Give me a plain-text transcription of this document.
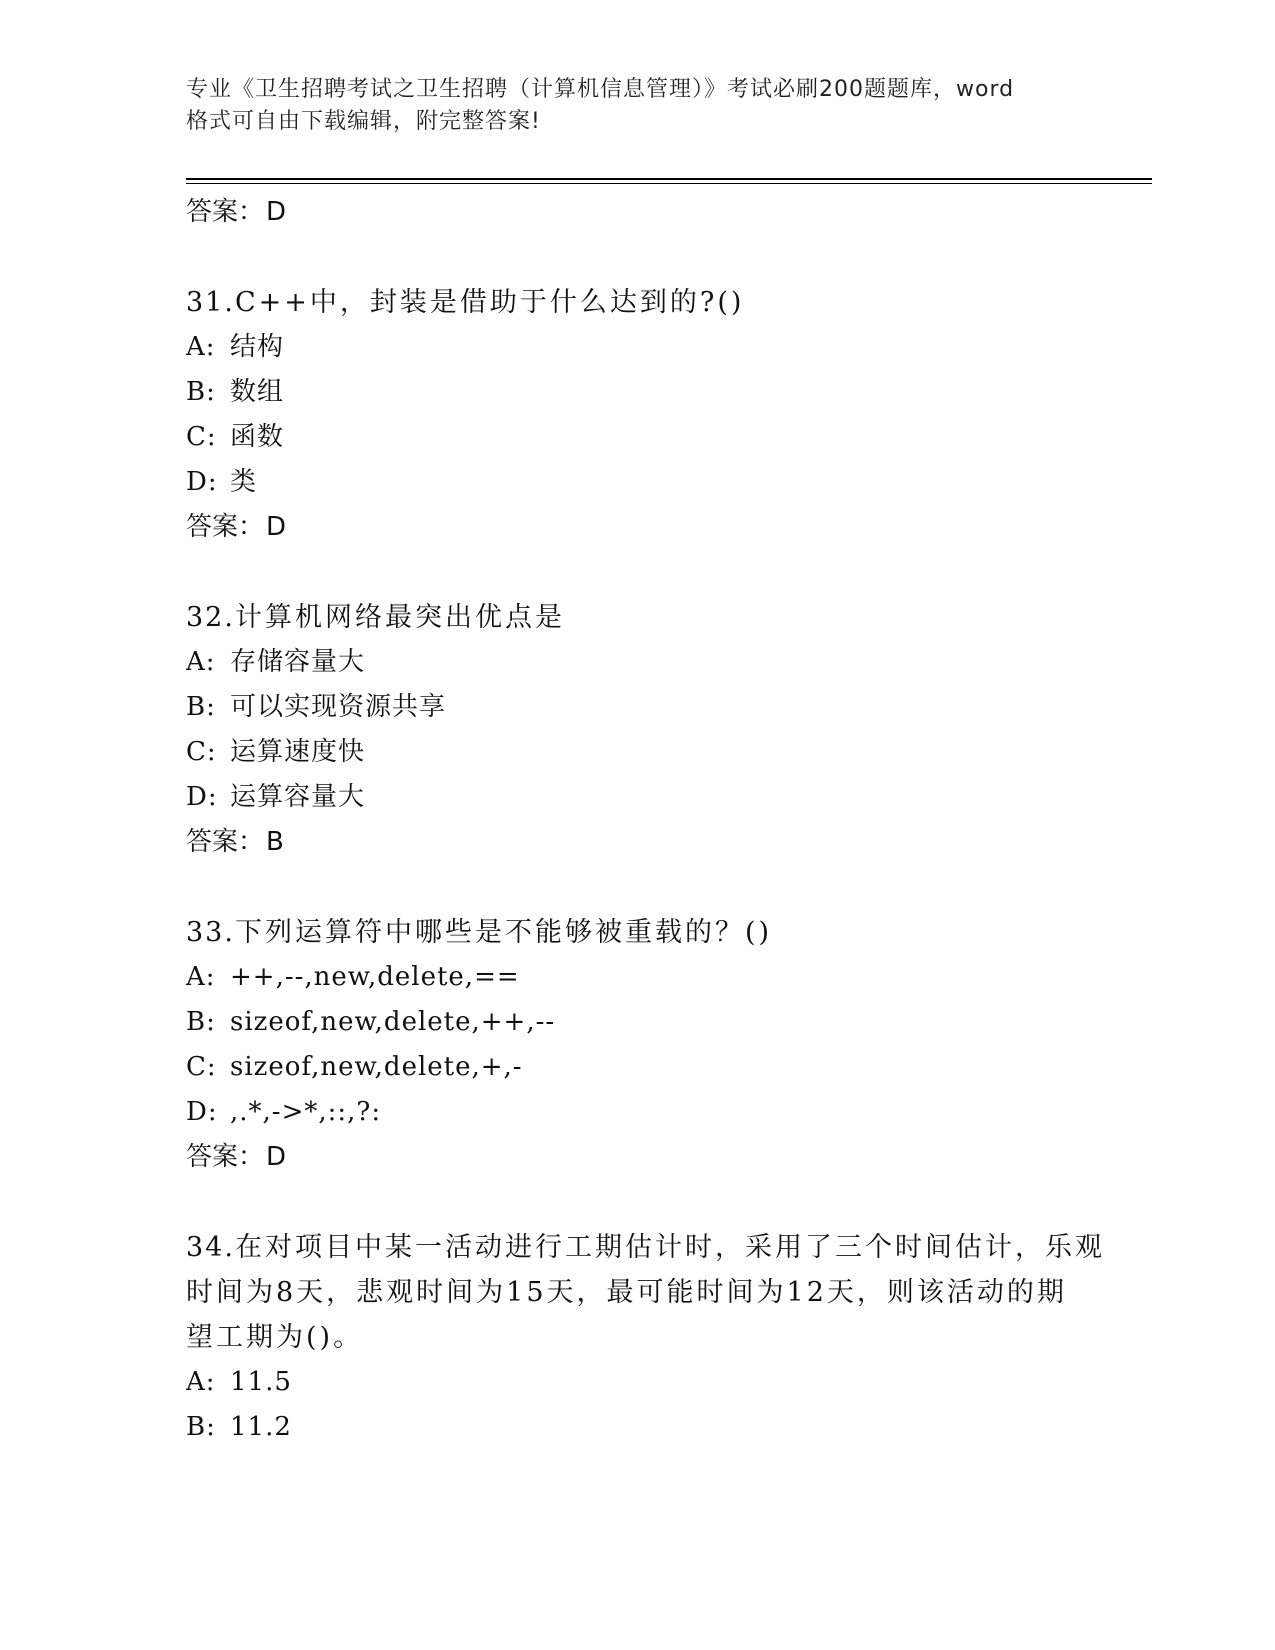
专业《卫生招聘考试之卫生招聘（计算机信息管理）》考试必刷200题题库，word
格式可自由下载编辑，附完整答案!
答案：D
31.C++中，封装是借助于什么达到的?()
A: 结构
B: 数组
C: 函数
D: 类
答案：D
32.计算机网络最突出优点是
A: 存储容量大
B: 可以实现资源共享
C: 运算速度快
D: 运算容量大
答案：B
33.下列运算符中哪些是不能够被重载的？()
A: ++,--,new,delete,==
B: sizeof,new,delete,++,--
C: sizeof,new,delete,+,-
D: ,.*,->*,::,?:
答案：D
34.在对项目中某一活动进行工期估计时，采用了三个时间估计，乐观
时间为8天，悲观时间为15天，最可能时间为12天，则该活动的期
望工期为()。
A: 11.5
B: 11.2
